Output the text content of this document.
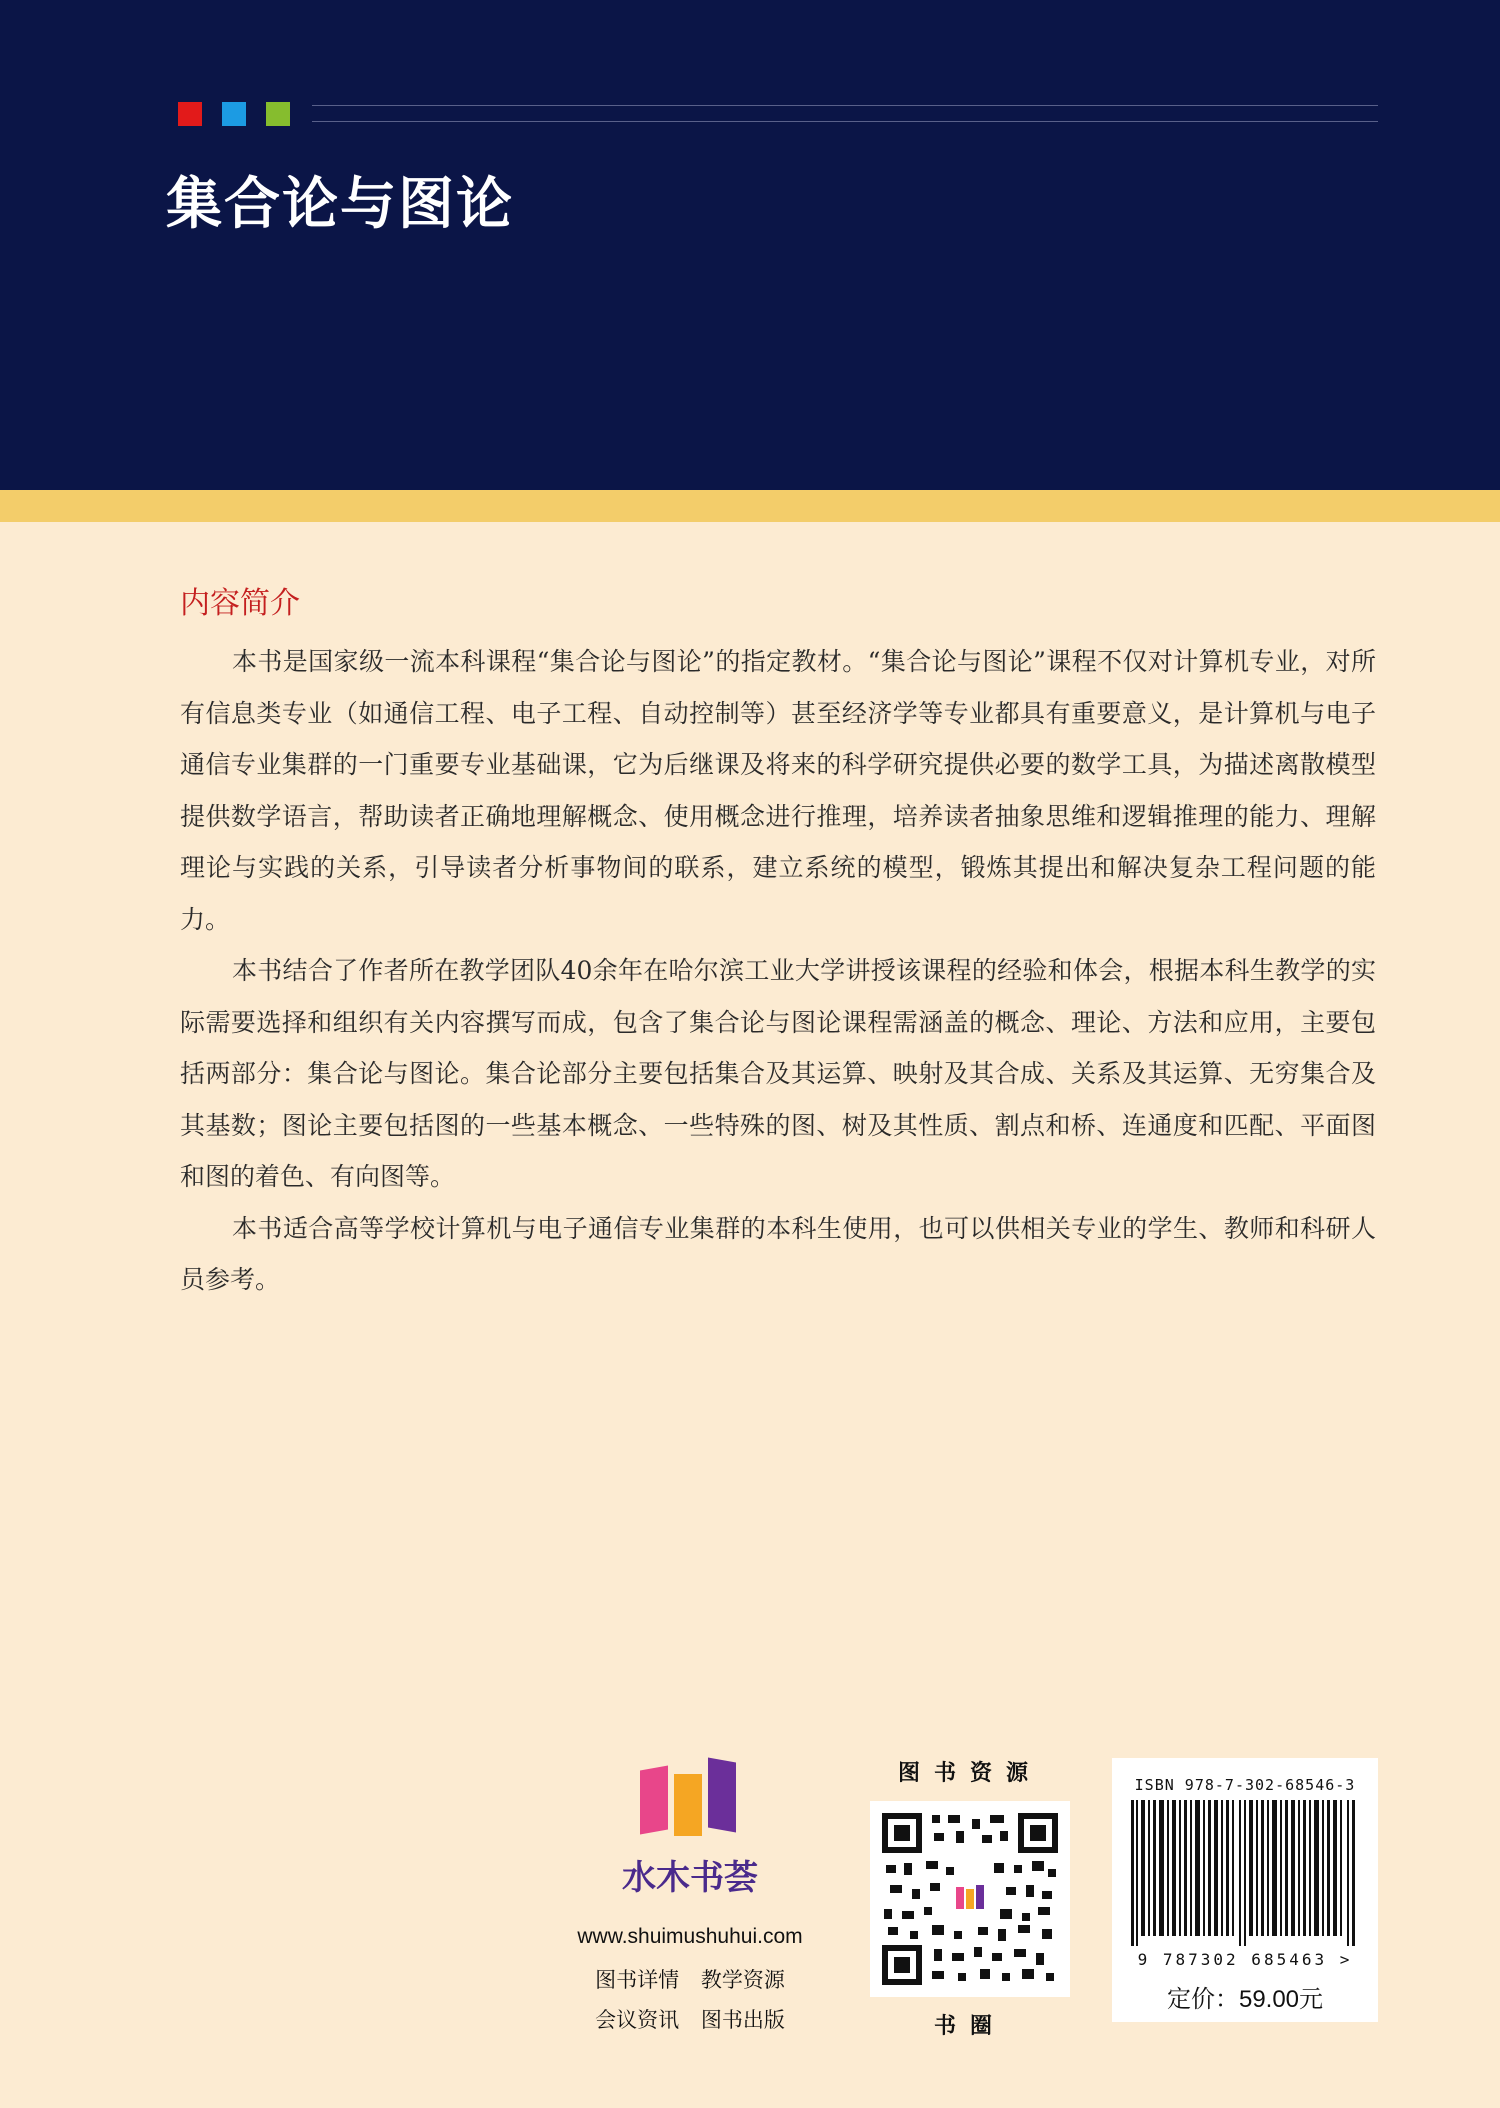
集合论与图论
内容简介

本书是国家级一流本科课程“集合论与图论”的指定教材。“集合论与图论”课程不仅对计算机专业，对所有信息类专业（如通信工程、电子工程、自动控制等）甚至经济学等专业都具有重要意义，是计算机与电子通信专业集群的一门重要专业基础课，它为后继课及将来的科学研究提供必要的数学工具，为描述离散模型提供数学语言，帮助读者正确地理解概念、使用概念进行推理，培养读者抽象思维和逻辑推理的能力、理解理论与实践的关系，引导读者分析事物间的联系，建立系统的模型，锻炼其提出和解决复杂工程问题的能力。

本书结合了作者所在教学团队40余年在哈尔滨工业大学讲授该课程的经验和体会，根据本科生教学的实际需要选择和组织有关内容撰写而成，包含了集合论与图论课程需涵盖的概念、理论、方法和应用，主要包括两部分：集合论与图论。集合论部分主要包括集合及其运算、映射及其合成、关系及其运算、无穷集合及其基数；图论主要包括图的一些基本概念、一些特殊的图、树及其性质、割点和桥、连通度和匹配、平面图和图的着色、有向图等。

本书适合高等学校计算机与电子通信专业集群的本科生使用，也可以供相关专业的学生、教师和科研人员参考。

水木书荟
www.shuimushuhui.com
图书详情 教学资源
会议资讯 图书出版
图书资源
书圈
ISBN 978-7-302-68546-3
9 787302 685463 >
定价：59.00元
